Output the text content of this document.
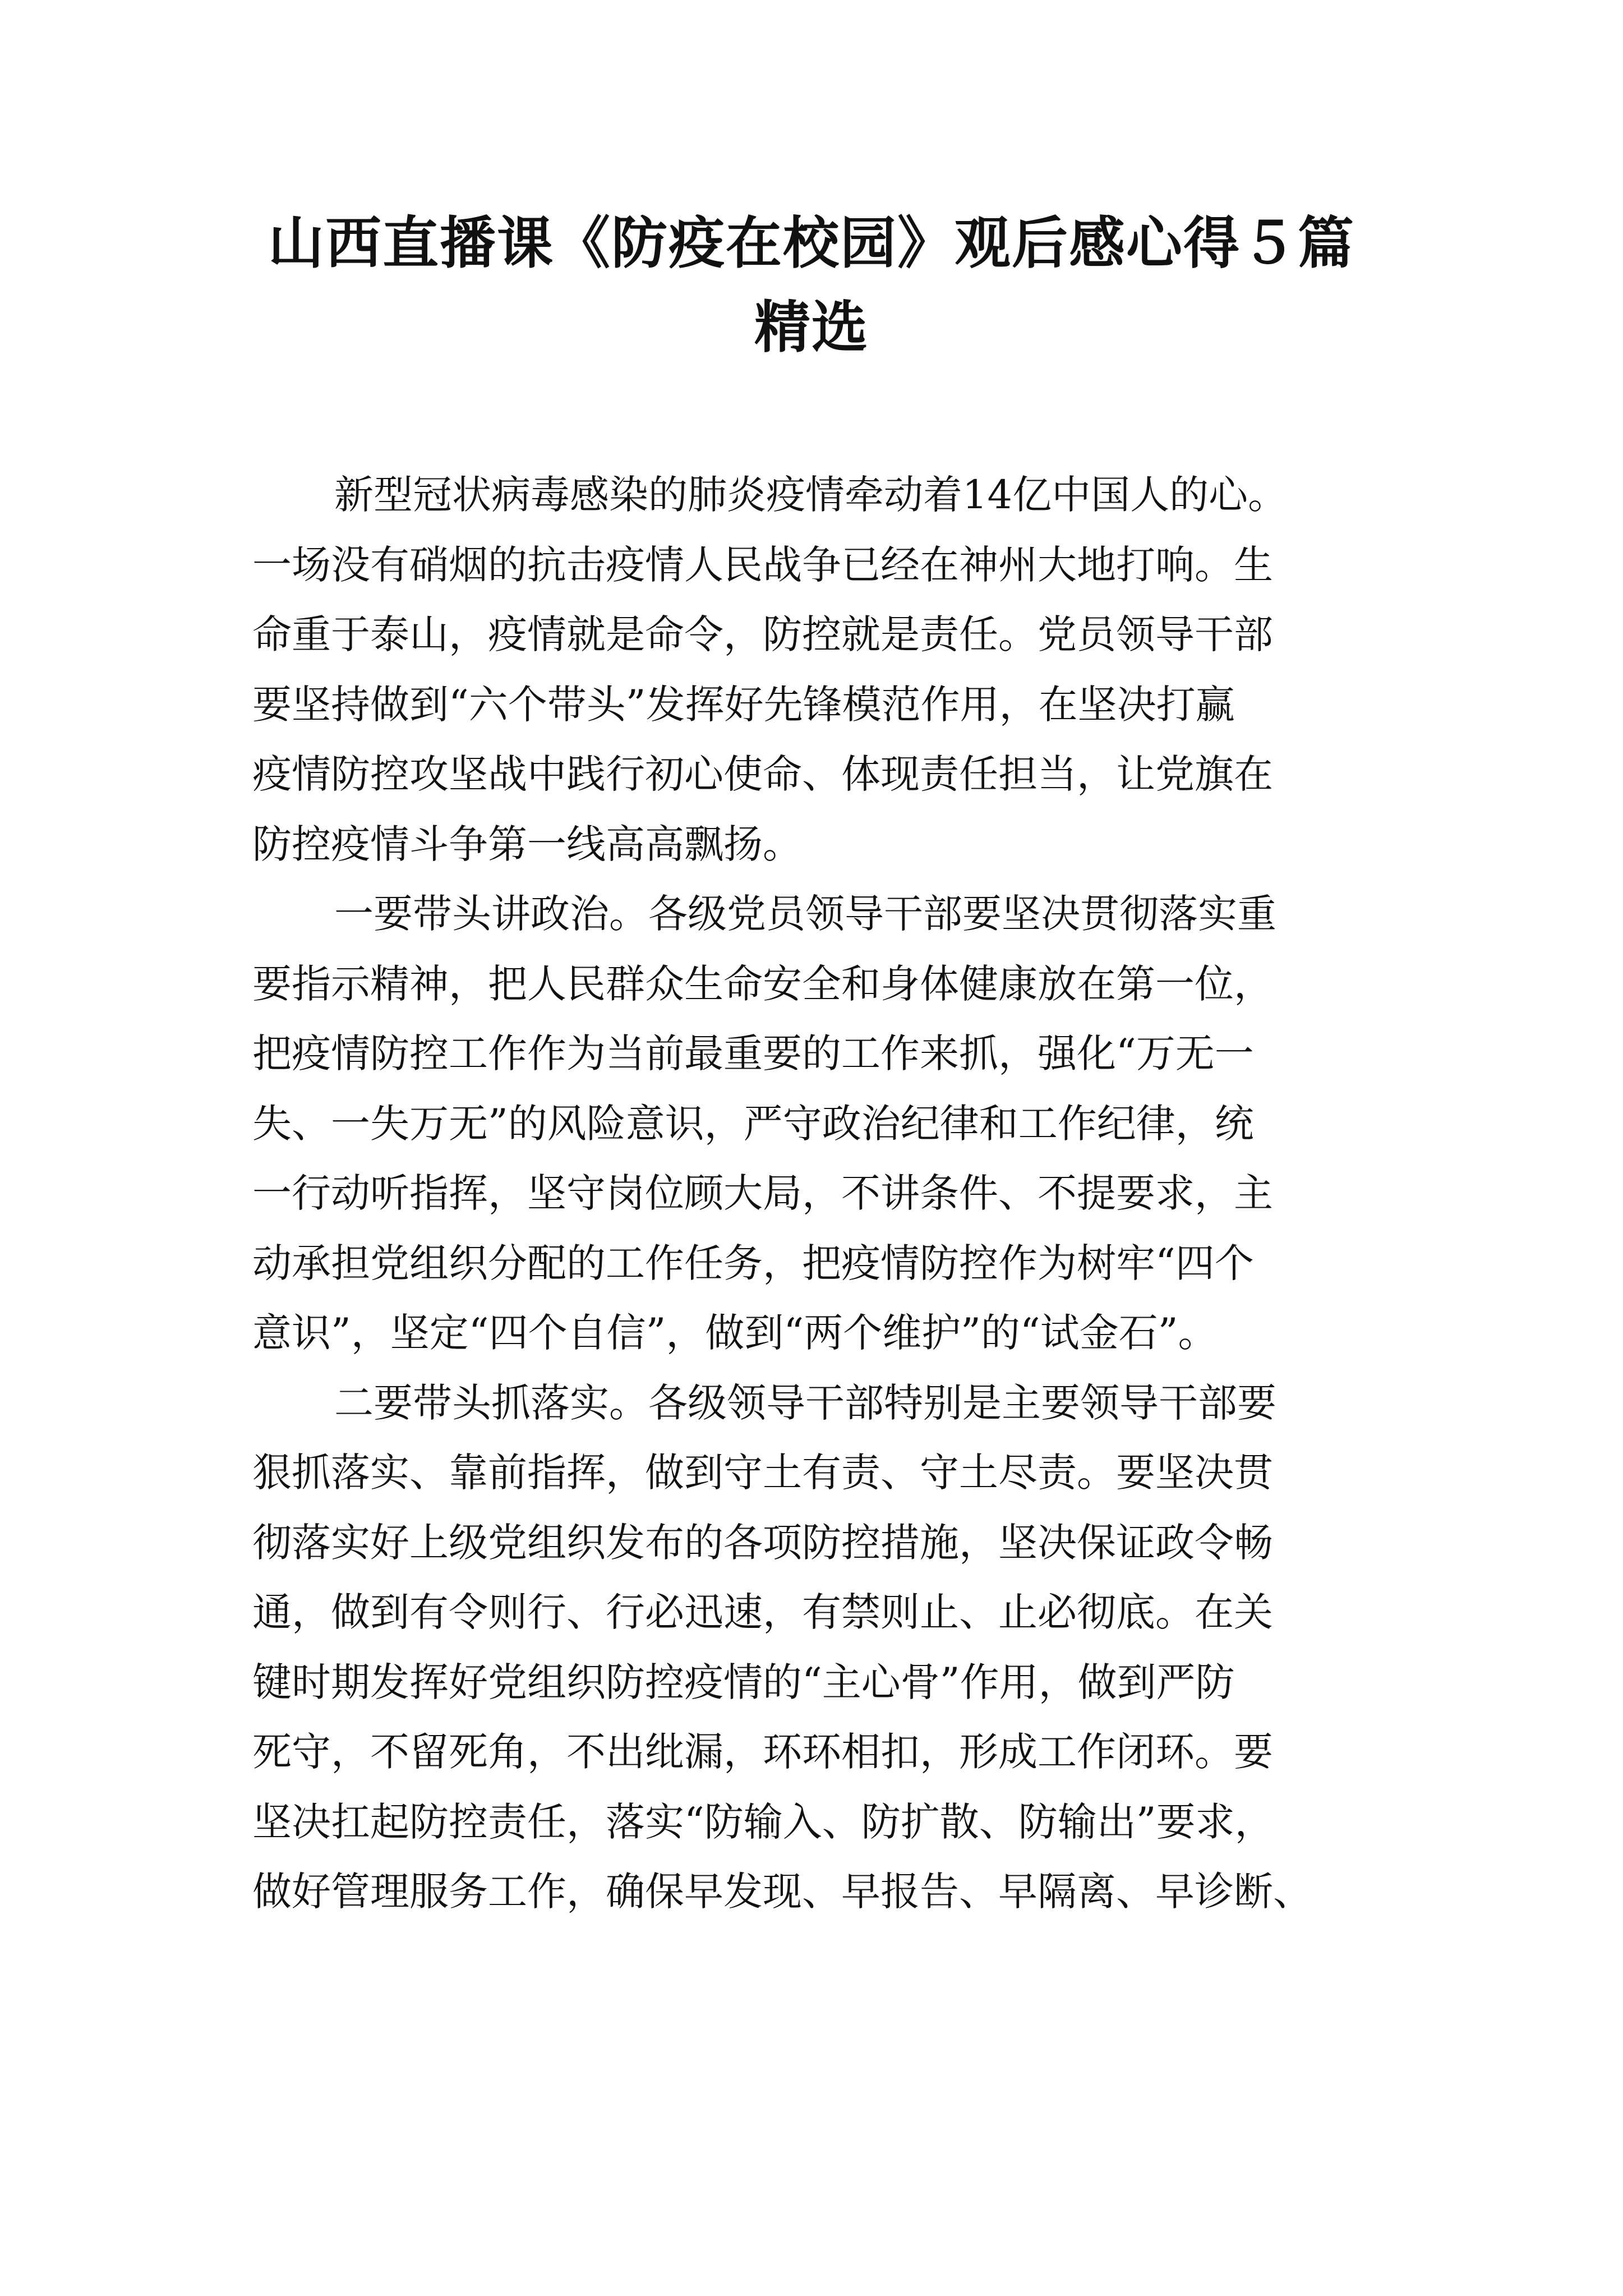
山西直播课《防疫在校园》观后感心得５篇
精选

新型冠状病毒感染的肺炎疫情牵动着14亿中国人的心。
一场没有硝烟的抗击疫情人民战争已经在神州大地打响。生
命重于泰山，疫情就是命令，防控就是责任。党员领导干部
要坚持做到“六个带头”发挥好先锋模范作用，在坚决打赢
疫情防控攻坚战中践行初心使命、体现责任担当，让党旗在
防控疫情斗争第一线高高飘扬。

一要带头讲政治。各级党员领导干部要坚决贯彻落实重
要指示精神，把人民群众生命安全和身体健康放在第一位，
把疫情防控工作作为当前最重要的工作来抓，强化“万无一
失、一失万无”的风险意识，严守政治纪律和工作纪律，统
一行动听指挥，坚守岗位顾大局，不讲条件、不提要求，主
动承担党组织分配的工作任务，把疫情防控作为树牢“四个
意识”，坚定“四个自信”，做到“两个维护”的“试金石”。

二要带头抓落实。各级领导干部特别是主要领导干部要
狠抓落实、靠前指挥，做到守土有责、守土尽责。要坚决贯
彻落实好上级党组织发布的各项防控措施，坚决保证政令畅
通，做到有令则行、行必迅速，有禁则止、止必彻底。在关
键时期发挥好党组织防控疫情的“主心骨”作用，做到严防
死守，不留死角，不出纰漏，环环相扣，形成工作闭环。要
坚决扛起防控责任，落实“防输入、防扩散、防输出”要求，
做好管理服务工作，确保早发现、早报告、早隔离、早诊断、
